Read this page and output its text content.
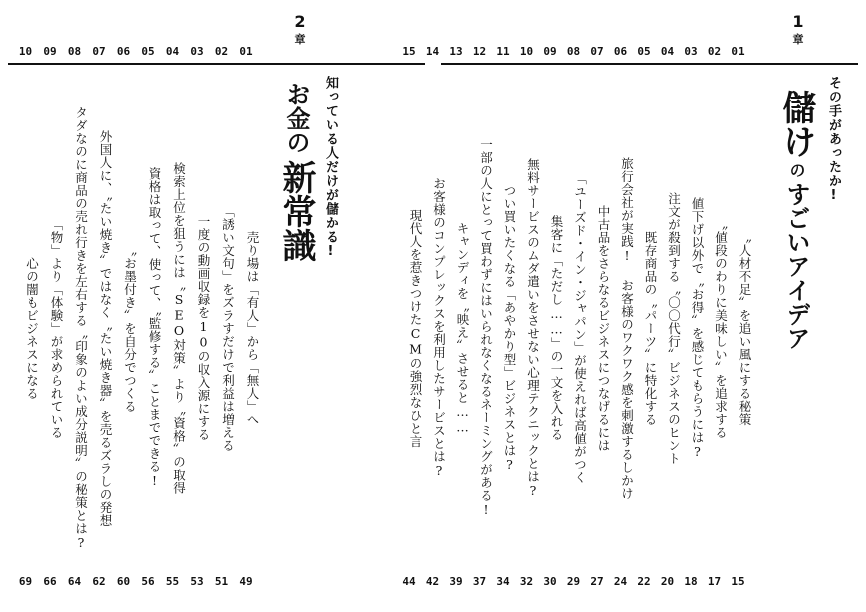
2
章
知っている人だけが儲かる!
お金の新常識
01
売り場は「有人」から「無人」へ
49
02
「誘い文句」をズラすだけで利益は増える
51
03
一度の動画収録を10の収入源にする
53
04
検索上位を狙うには〝SEO対策〟より〝資格〟の取得
55
05
資格は取って、使って、〝監修する〟ことまでできる!
56
06
〝お墨付き〟を自分でつくる
60
07
外国人に、〝たい焼き〟ではなく〝たい焼き器〟を売るズラしの発想
62
08
タダなのに商品の売れ行きを左右する〝印象のよい成分説明〟の秘策とは?
64
09
「物」より「体験」が求められている
66
10
心の闇もビジネスになる
69
1
章
その手があったか!
儲けのすごいアイデア
01
〝人材不足〟を追い風にする秘策
15
02
〝値段のわりに美味しい〟を追求する
17
03
値下げ以外で〝お得〟を感じてもらうには?
18
04
注文が殺到する〝〇〇代行〟ビジネスのヒント
20
05
既存商品の〝パーツ〟に特化する
22
06
旅行会社が実践! お客様のワクワク感を刺激するしかけ
24
07
中古品をさらなるビジネスにつなげるには
27
08
「ユーズド・イン・ジャパン」が使えれば高値がつく
29
09
集客に「ただし……」の一文を入れる
30
10
無料サービスのムダ遣いをさせない心理テクニックとは?
32
11
つい買いたくなる「あやかり型」ビジネスとは?
34
12
一部の人にとって買わずにはいられなくなるネーミングがある!
37
13
キャンディを〝映え〟させると……
39
14
お客様のコンプレックスを利用したサービスとは?
42
15
現代人を惹きつけたCMの強烈なひと言
44
